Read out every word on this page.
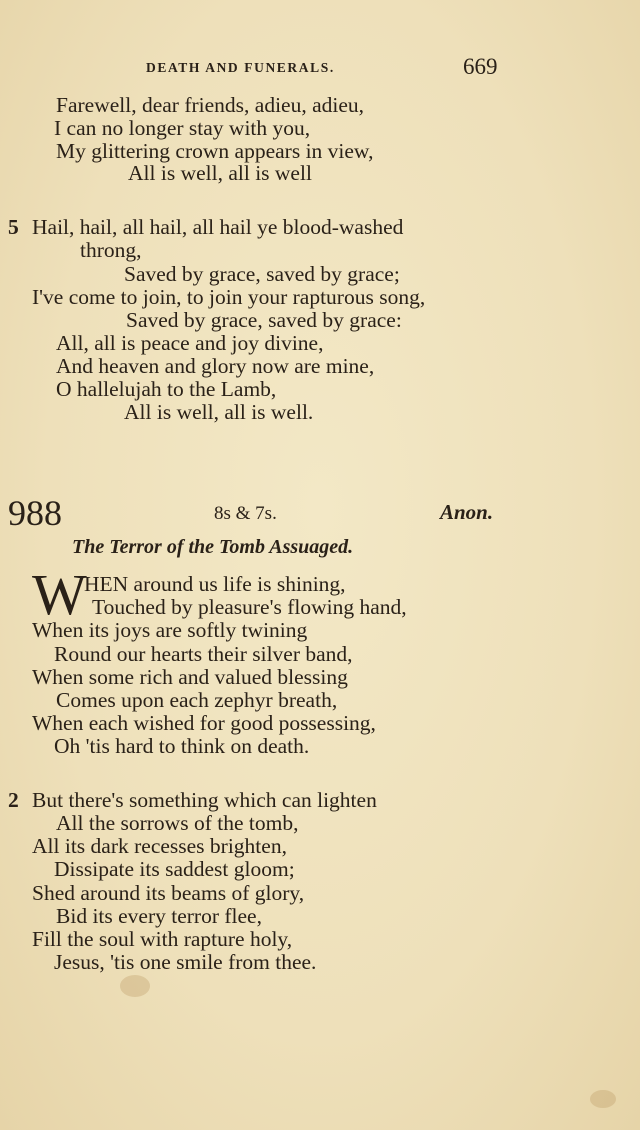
DEATH AND FUNERALS.	669
Farewell, dear friends, adieu, adieu,
I can no longer stay with you,
My glittering crown appears in view,
All is well, all is well
5 Hail, hail, all hail, all hail ye blood-washed
throng,
Saved by grace, saved by grace;
I've come to join, to join your rapturous song,
Saved by grace, saved by grace:
All, all is peace and joy divine,
And heaven and glory now are mine,
O hallelujah to the Lamb,
All is well, all is well.
988	8s & 7s.	Anon.
The Terror of the Tomb Assuaged.
W
HEN around us life is shining,
Touched by pleasure's flowing hand,
When its joys are softly twining
Round our hearts their silver band,
When some rich and valued blessing
Comes upon each zephyr breath,
When each wished for good possessing,
Oh 'tis hard to think on death.
2 But there's something which can lighten
All the sorrows of the tomb,
All its dark recesses brighten,
Dissipate its saddest gloom;
Shed around its beams of glory,
Bid its every terror flee,
Fill the soul with rapture holy,
Jesus, 'tis one smile from thee.
